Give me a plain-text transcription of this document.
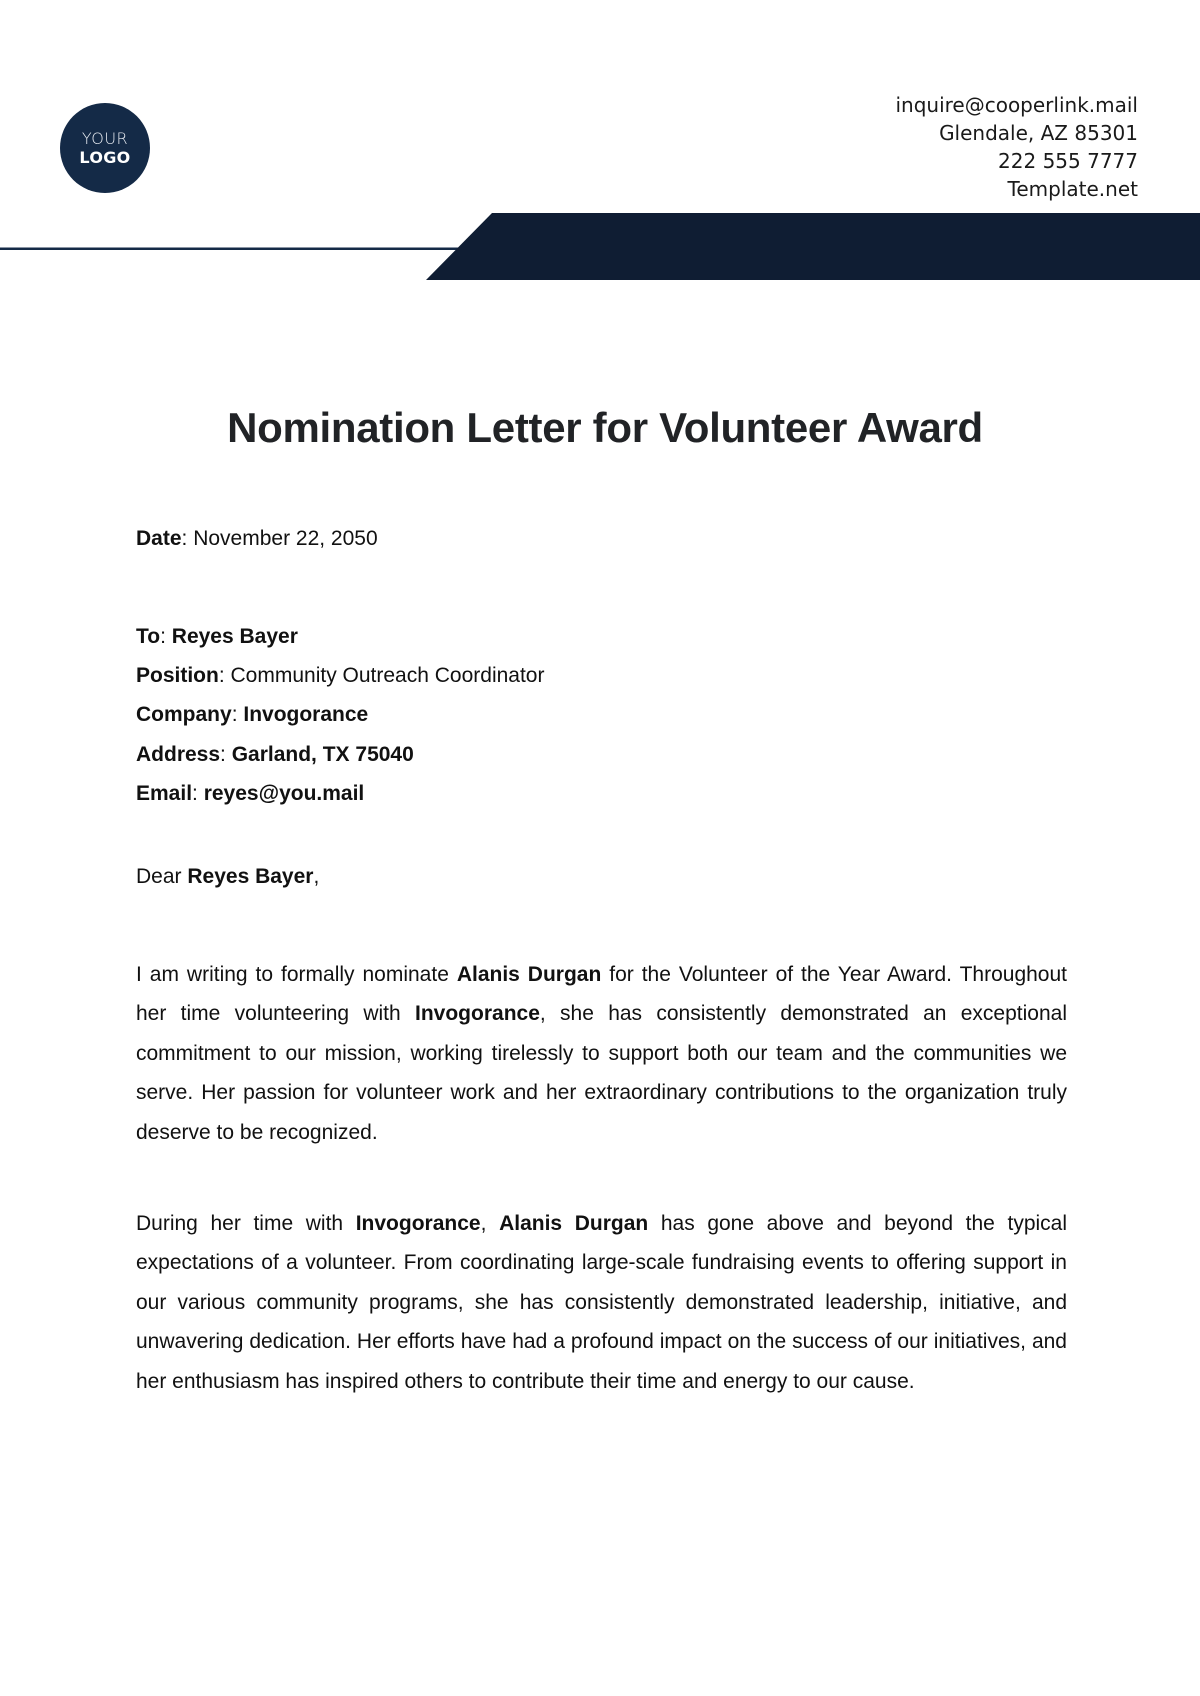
YOUR
LOGO
inquire@cooperlink.mail
Glendale, AZ 85301
222 555 7777
Template.net
Nomination Letter for Volunteer Award
Date: November 22, 2050
To: Reyes Bayer
Position: Community Outreach Coordinator
Company: Invogorance
Address: Garland, TX 75040
Email: reyes@you.mail
Dear Reyes Bayer,
I am writing to formally nominate Alanis Durgan for the Volunteer of the Year Award. Throughout her time volunteering with Invogorance, she has consistently demonstrated an exceptional commitment to our mission, working tirelessly to support both our team and the communities we serve. Her passion for volunteer work and her extraordinary contributions to the organization truly deserve to be recognized.
During her time with Invogorance, Alanis Durgan has gone above and beyond the typical expectations of a volunteer. From coordinating large-scale fundraising events to offering support in our various community programs, she has consistently demonstrated leadership, initiative, and unwavering dedication. Her efforts have had a profound impact on the success of our initiatives, and her enthusiasm has inspired others to contribute their time and energy to our cause.
